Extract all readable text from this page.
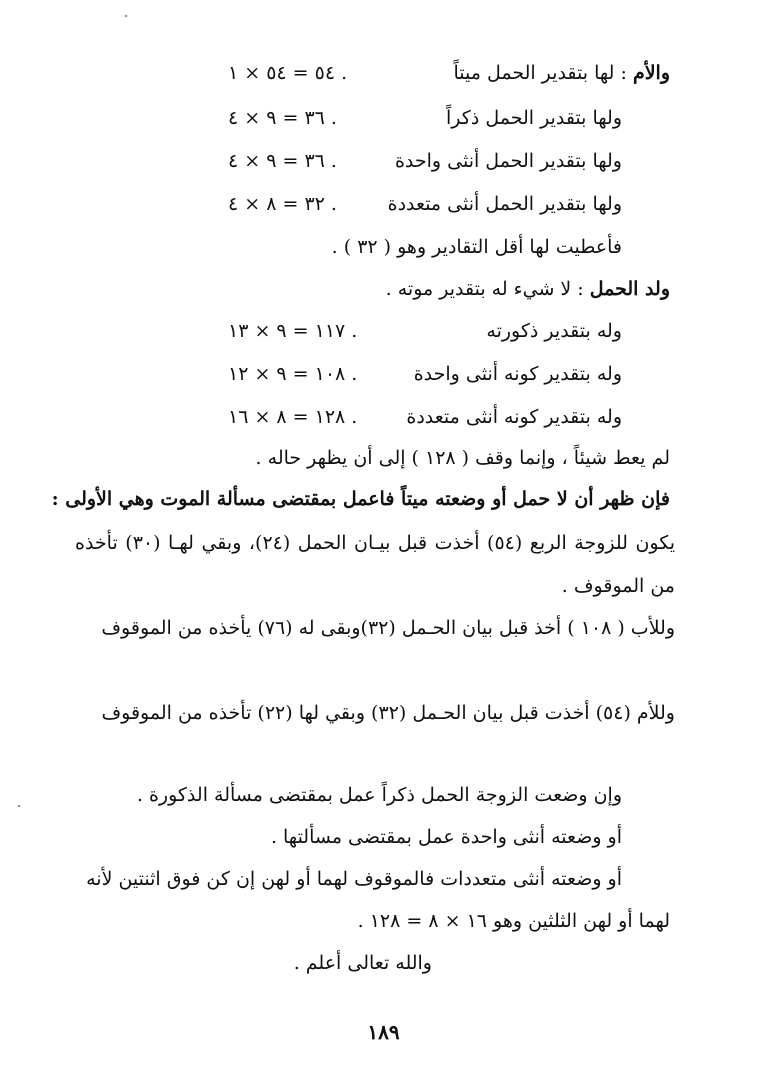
والأم : لها بتقدير الحمل ميتاً
. ٥٤ = ٥٤ × ١
ولها بتقدير الحمل ذكراً
. ٣٦ = ٩ × ٤
ولها بتقدير الحمل أنثى واحدة
. ٣٦ = ٩ × ٤
ولها بتقدير الحمل أنثى متعددة
. ٣٢ = ٨ × ٤
فأعطيت لها أقل التقادير وهو ( ٣٢ ) .
ولد الحمل : لا شيء له بتقدير موته .
وله بتقدير ذكورته
. ١١٧ = ٩ × ١٣
وله بتقدير كونه أنثى واحدة
. ١٠٨ = ٩ × ١٢
وله بتقدير كونه أنثى متعددة
. ١٢٨ = ٨ × ١٦
لم يعط شيئاً ، وإنما وقف ( ١٢٨ ) إلى أن يظهر حاله .
فإن ظهر أن لا حمل أو وضعته ميتاً فاعمل بمقتضى مسألة الموت وهي الأولى :
يكون للزوجة الربع (٥٤) أخذت قبل بيـان الحمل (٢٤)، وبقي لهـا (٣٠) تأخذه من الموقوف .
وللأب ( ١٠٨ ) أخذ قبل بيان الحـمل (٣٢)وبقى له (٧٦) يأخذه من الموقوف
وللأم (٥٤) أخذت قبل بيان الحـمل (٣٢) وبقي لها (٢٢) تأخذه من الموقوف
وإن وضعت الزوجة الحمل ذكراً عمل بمقتضى مسألة الذكورة .
أو وضعته أنثى واحدة عمل بمقتضى مسألتها .
أو وضعته أنثى متعددات فالموقوف لهما أو لهن إن كن فوق اثنتين لأنه
لهما أو لهن الثلثين وهو ١٦ × ٨ = ١٢٨ .
والله تعالى أعلم .
١٨٩
